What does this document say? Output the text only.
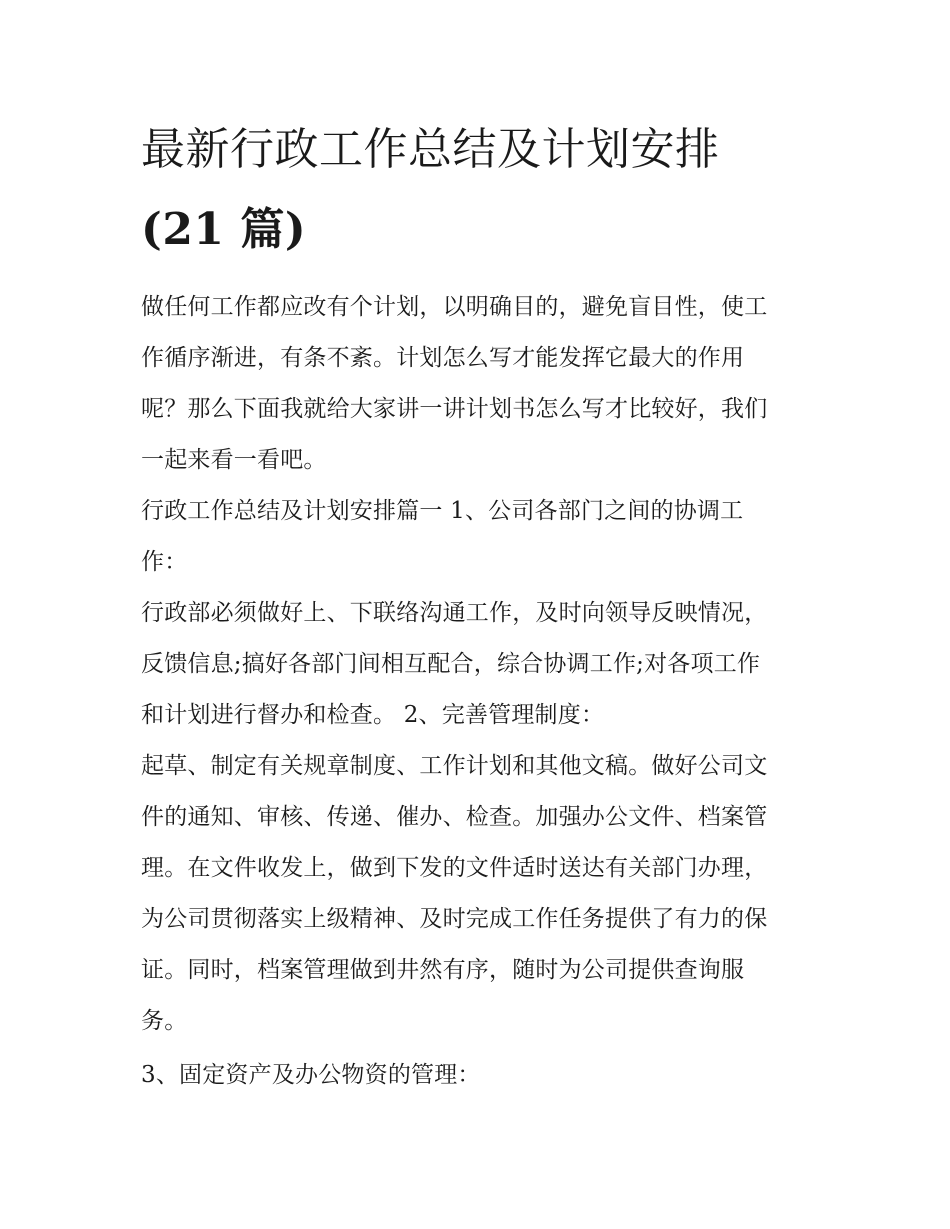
最新行政工作总结及计划安排
(21 篇)

做任何工作都应改有个计划，以明确目的，避免盲目性，使工
作循序渐进，有条不紊。计划怎么写才能发挥它最大的作用
呢？那么下面我就给大家讲一讲计划书怎么写才比较好，我们
一起来看一看吧。

行政工作总结及计划安排篇一 1、公司各部门之间的协调工
作：

行政部必须做好上、下联络沟通工作，及时向领导反映情况，
反馈信息;搞好各部门间相互配合，综合协调工作;对各项工作
和计划进行督办和检查。 2、完善管理制度：

起草、制定有关规章制度、工作计划和其他文稿。做好公司文
件的通知、审核、传递、催办、检查。加强办公文件、档案管
理。在文件收发上，做到下发的文件适时送达有关部门办理，
为公司贯彻落实上级精神、及时完成工作任务提供了有力的保
证。同时，档案管理做到井然有序，随时为公司提供查询服
务。

3、固定资产及办公物资的管理：
